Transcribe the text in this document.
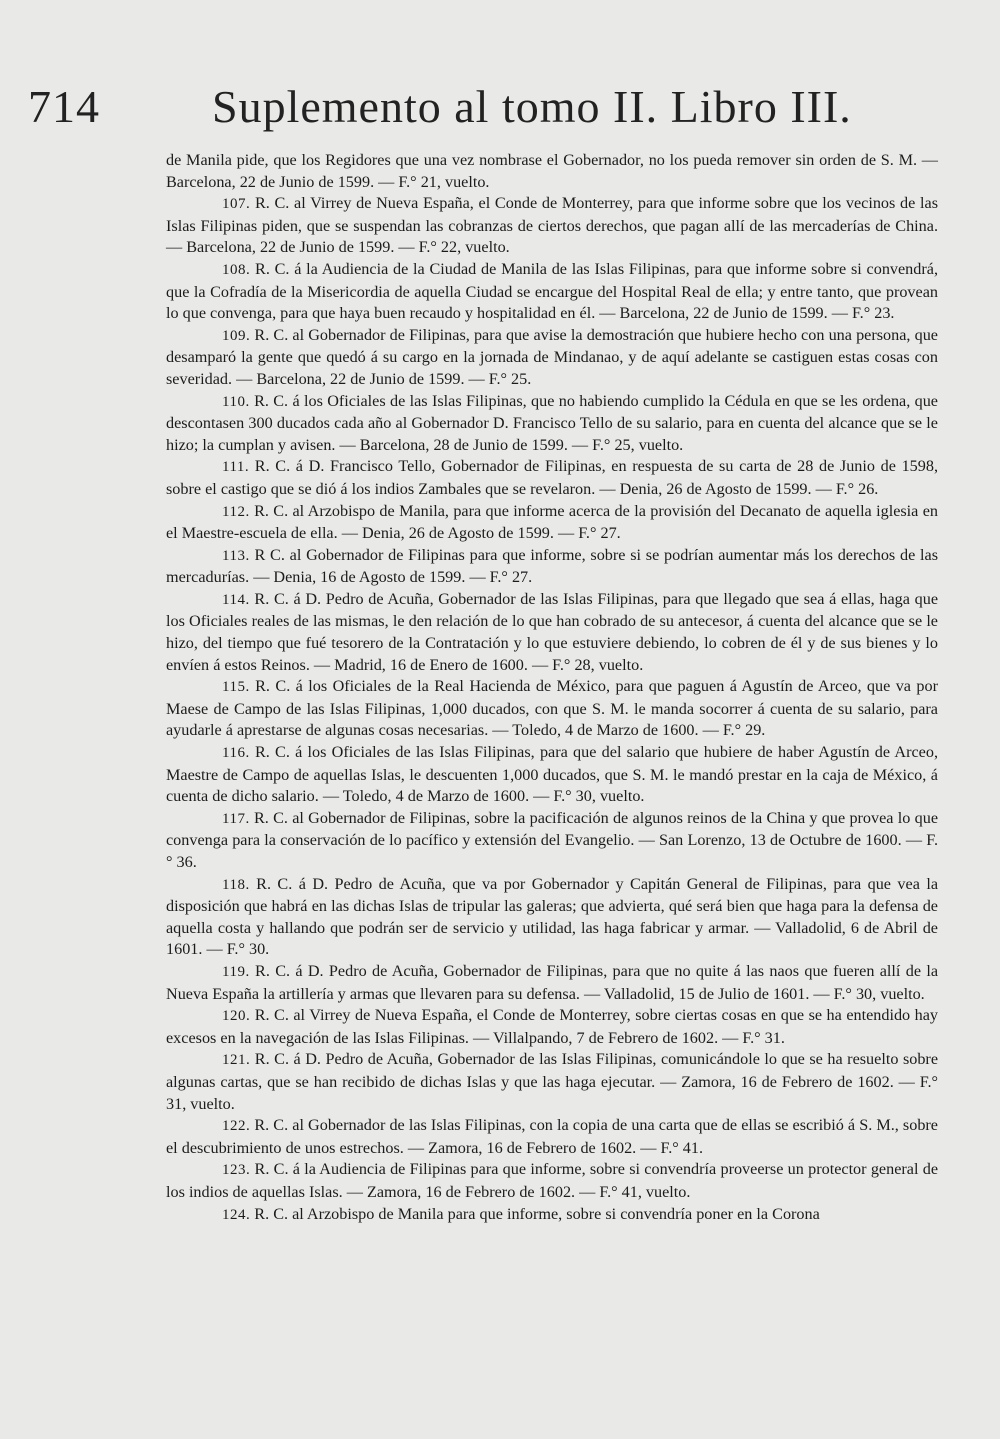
714 Suplemento al tomo II. Libro III.

de Manila pide, que los Regidores que una vez nombrase el Gobernador, no los pueda remover sin orden de S. M. — Barcelona, 22 de Junio de 1599. — F.° 21, vuelto.

107. R. C. al Virrey de Nueva España, el Conde de Monterrey, para que informe sobre que los vecinos de las Islas Filipinas piden, que se suspendan las cobranzas de ciertos derechos, que pagan allí de las mercaderías de China. — Barcelona, 22 de Junio de 1599. — F.° 22, vuelto.

108. R. C. á la Audiencia de la Ciudad de Manila de las Islas Filipinas, para que informe sobre si convendrá, que la Cofradía de la Misericordia de aquella Ciudad se encargue del Hospital Real de ella; y entre tanto, que provean lo que convenga, para que haya buen recaudo y hospitalidad en él. — Barcelona, 22 de Junio de 1599. — F.° 23.

109. R. C. al Gobernador de Filipinas, para que avise la demostración que hubiere hecho con una persona, que desamparó la gente que quedó á su cargo en la jornada de Mindanao, y de aquí adelante se castiguen estas cosas con severidad. — Barcelona, 22 de Junio de 1599. — F.° 25.

110. R. C. á los Oficiales de las Islas Filipinas, que no habiendo cumplido la Cédula en que se les ordena, que descontasen 300 ducados cada año al Gobernador D. Francisco Tello de su salario, para en cuenta del alcance que se le hizo; la cumplan y avisen. — Barcelona, 28 de Junio de 1599. — F.° 25, vuelto.

111. R. C. á D. Francisco Tello, Gobernador de Filipinas, en respuesta de su carta de 28 de Junio de 1598, sobre el castigo que se dió á los indios Zambales que se revelaron. — Denia, 26 de Agosto de 1599. — F.° 26.

112. R. C. al Arzobispo de Manila, para que informe acerca de la provisión del Decanato de aquella iglesia en el Maestre-escuela de ella. — Denia, 26 de Agosto de 1599. — F.° 27.

113. R C. al Gobernador de Filipinas para que informe, sobre si se podrían aumentar más los derechos de las mercadurías. — Denia, 16 de Agosto de 1599. — F.° 27.

114. R. C. á D. Pedro de Acuña, Gobernador de las Islas Filipinas, para que llegado que sea á ellas, haga que los Oficiales reales de las mismas, le den relación de lo que han cobrado de su antecesor, á cuenta del alcance que se le hizo, del tiempo que fué tesorero de la Contratación y lo que estuviere debiendo, lo cobren de él y de sus bienes y lo envíen á estos Reinos. — Madrid, 16 de Enero de 1600. — F.° 28, vuelto.

115. R. C. á los Oficiales de la Real Hacienda de México, para que paguen á Agustín de Arceo, que va por Maese de Campo de las Islas Filipinas, 1,000 ducados, con que S. M. le manda socorrer á cuenta de su salario, para ayudarle á aprestarse de algunas cosas necesarias. — Toledo, 4 de Marzo de 1600. — F.° 29.

116. R. C. á los Oficiales de las Islas Filipinas, para que del salario que hubiere de haber Agustín de Arceo, Maestre de Campo de aquellas Islas, le descuenten 1,000 ducados, que S. M. le mandó prestar en la caja de México, á cuenta de dicho salario. — Toledo, 4 de Marzo de 1600. — F.° 30, vuelto.

117. R. C. al Gobernador de Filipinas, sobre la pacificación de algunos reinos de la China y que provea lo que convenga para la conservación de lo pacífico y extensión del Evangelio. — San Lorenzo, 13 de Octubre de 1600. — F.° 36.

118. R. C. á D. Pedro de Acuña, que va por Gobernador y Capitán General de Filipinas, para que vea la disposición que habrá en las dichas Islas de tripular las galeras; que advierta, qué será bien que haga para la defensa de aquella costa y hallando que podrán ser de servicio y utilidad, las haga fabricar y armar. — Valladolid, 6 de Abril de 1601. — F.° 30.

119. R. C. á D. Pedro de Acuña, Gobernador de Filipinas, para que no quite á las naos que fueren allí de la Nueva España la artillería y armas que llevaren para su defensa. — Valladolid, 15 de Julio de 1601. — F.° 30, vuelto.

120. R. C. al Virrey de Nueva España, el Conde de Monterrey, sobre ciertas cosas en que se ha entendido hay excesos en la navegación de las Islas Filipinas. — Villalpando, 7 de Febrero de 1602. — F.° 31.

121. R. C. á D. Pedro de Acuña, Gobernador de las Islas Filipinas, comunicándole lo que se ha resuelto sobre algunas cartas, que se han recibido de dichas Islas y que las haga ejecutar. — Zamora, 16 de Febrero de 1602. — F.° 31, vuelto.

122. R. C. al Gobernador de las Islas Filipinas, con la copia de una carta que de ellas se escribió á S. M., sobre el descubrimiento de unos estrechos. — Zamora, 16 de Febrero de 1602. — F.° 41.

123. R. C. á la Audiencia de Filipinas para que informe, sobre si convendría proveerse un protector general de los indios de aquellas Islas. — Zamora, 16 de Febrero de 1602. — F.° 41, vuelto.

124. R. C. al Arzobispo de Manila para que informe, sobre si convendría poner en la Corona
